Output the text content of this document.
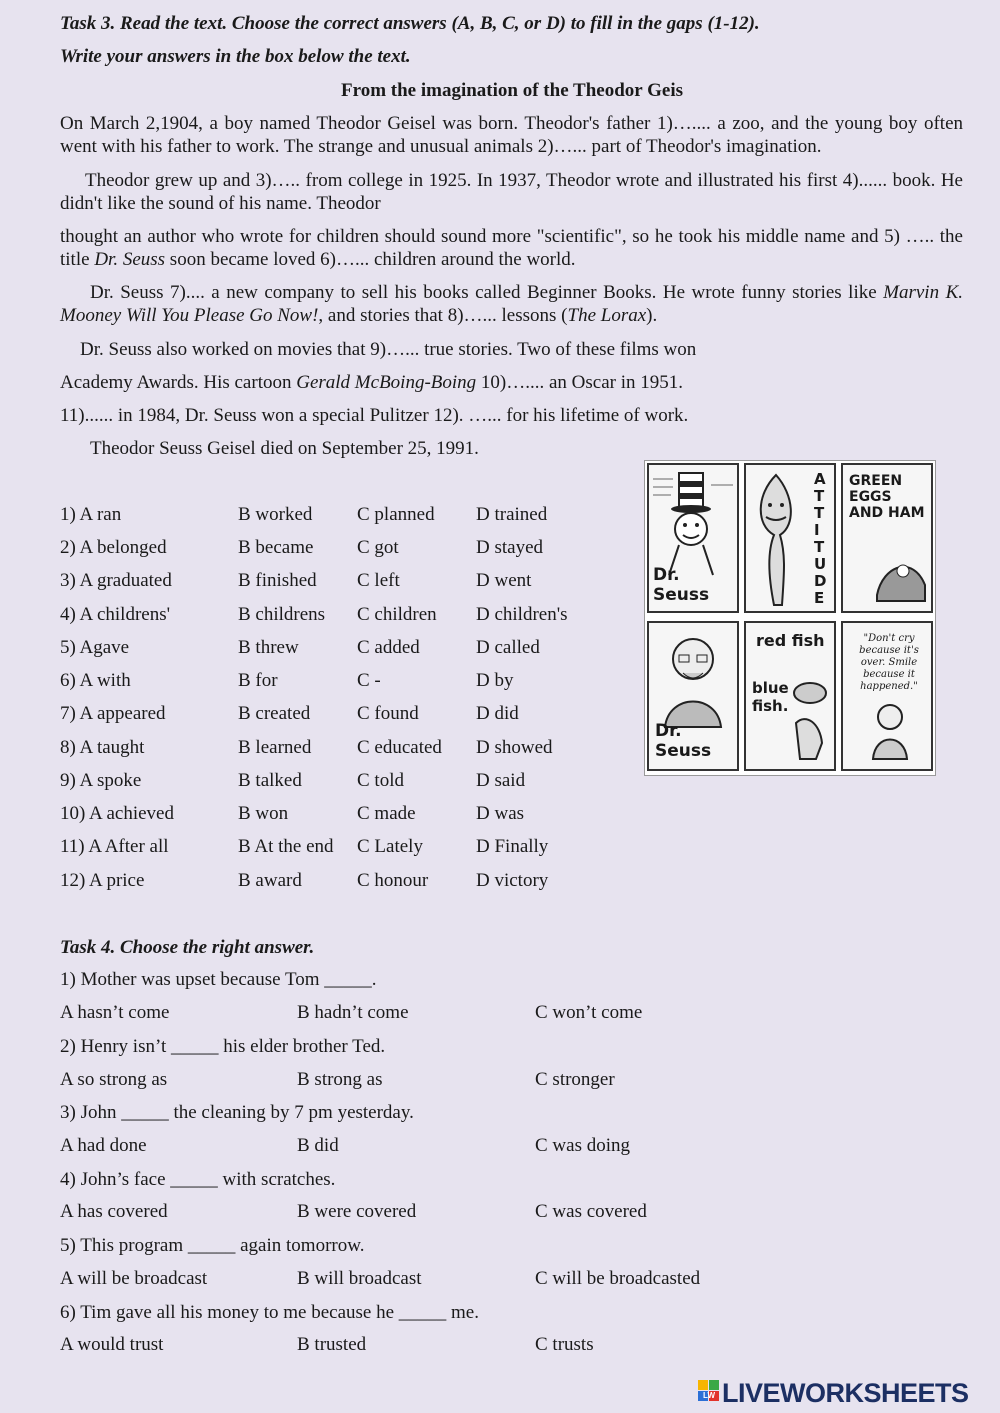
Task 3. Read the text. Choose the correct answers (A, B, C, or D) to fill in the gaps (1-12).
Write your answers in the box below the text.
From the imagination of the Theodor Geis
On March 2,1904, a boy named Theodor Geisel was born. Theodor's father 1)….... a zoo, and the young boy often went with his father to work. The strange and unusual animals 2)…... part of Theodor's imagination.
Theodor grew up and 3)….. from college in 1925. In 1937, Theodor wrote and illustrated his first 4)...... book. He didn't like the sound of his name. Theodor
thought an author who wrote for children should sound more "scientific", so he took his middle name and 5) ….. the title Dr. Seuss soon became loved 6)…... children around the world.
Dr. Seuss 7).... a new company to sell his books called Beginner Books. He wrote funny stories like Marvin K. Mooney Will You Please Go Now!, and stories that 8)…... lessons (The Lorax).
Dr. Seuss also worked on movies that 9)…... true stories. Two of these films won
Academy Awards. His cartoon Gerald McBoing-Boing 10)….... an Oscar in 1951.
11)...... in 1984, Dr. Seuss won a special Pulitzer 12). …... for his lifetime of work.
Theodor Seuss Geisel died on September 25, 1991.
1) A ran	B worked C planned D trained
2) A belonged	B became C got	D stayed
3) A graduated	B finished C left	D went
4) A childrens'	B childrens C children D children's
5) Agave	B threw	C added	D called
6) A with	B for	C -	D by
7) A appeared	B created C found	D did
8) A taught	B learned C educated D showed
9) A spoke	B talked	C told	D said
10) A achieved	B won	C made	D was
11) A After all	B At the end C Lately	D Finally
12) A price	B award	C honour	D victory
Dr. Seuss
ATTITUDE
GREEN EGGS AND HAM
Dr. Seuss
red fish
blue fish.
"Don't cry because it's over. Smile because it happened."
Task 4. Choose the right answer.
1) Mother was upset because Tom _____.
A hasn’t come	B hadn’t come	C won’t come
2) Henry isn’t _____ his elder brother Ted.
A so strong as	B strong as	C stronger
3) John _____ the cleaning by 7 pm yesterday.
A had done	B did	C was doing
4) John’s face _____ with scratches.
A has covered	B were covered	C was covered
5) This program _____ again tomorrow.
A will be broadcast	B will broadcast	C will be broadcasted
6) Tim gave all his money to me because he _____ me.
A would trust	B trusted	C trusts
LW LIVEWORKSHEETS
